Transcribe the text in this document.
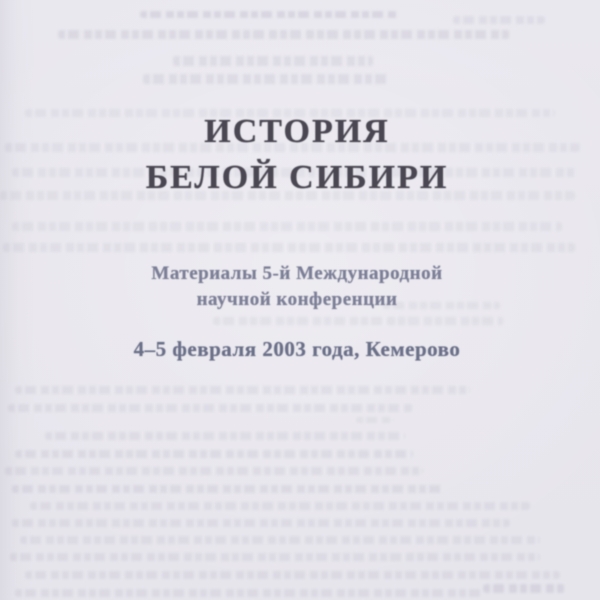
ИСТОРИЯ
БЕЛОЙ СИБИРИ

Материалы 5-й Международной
научной конференции

4–5 февраля 2003 года, Кемерово
